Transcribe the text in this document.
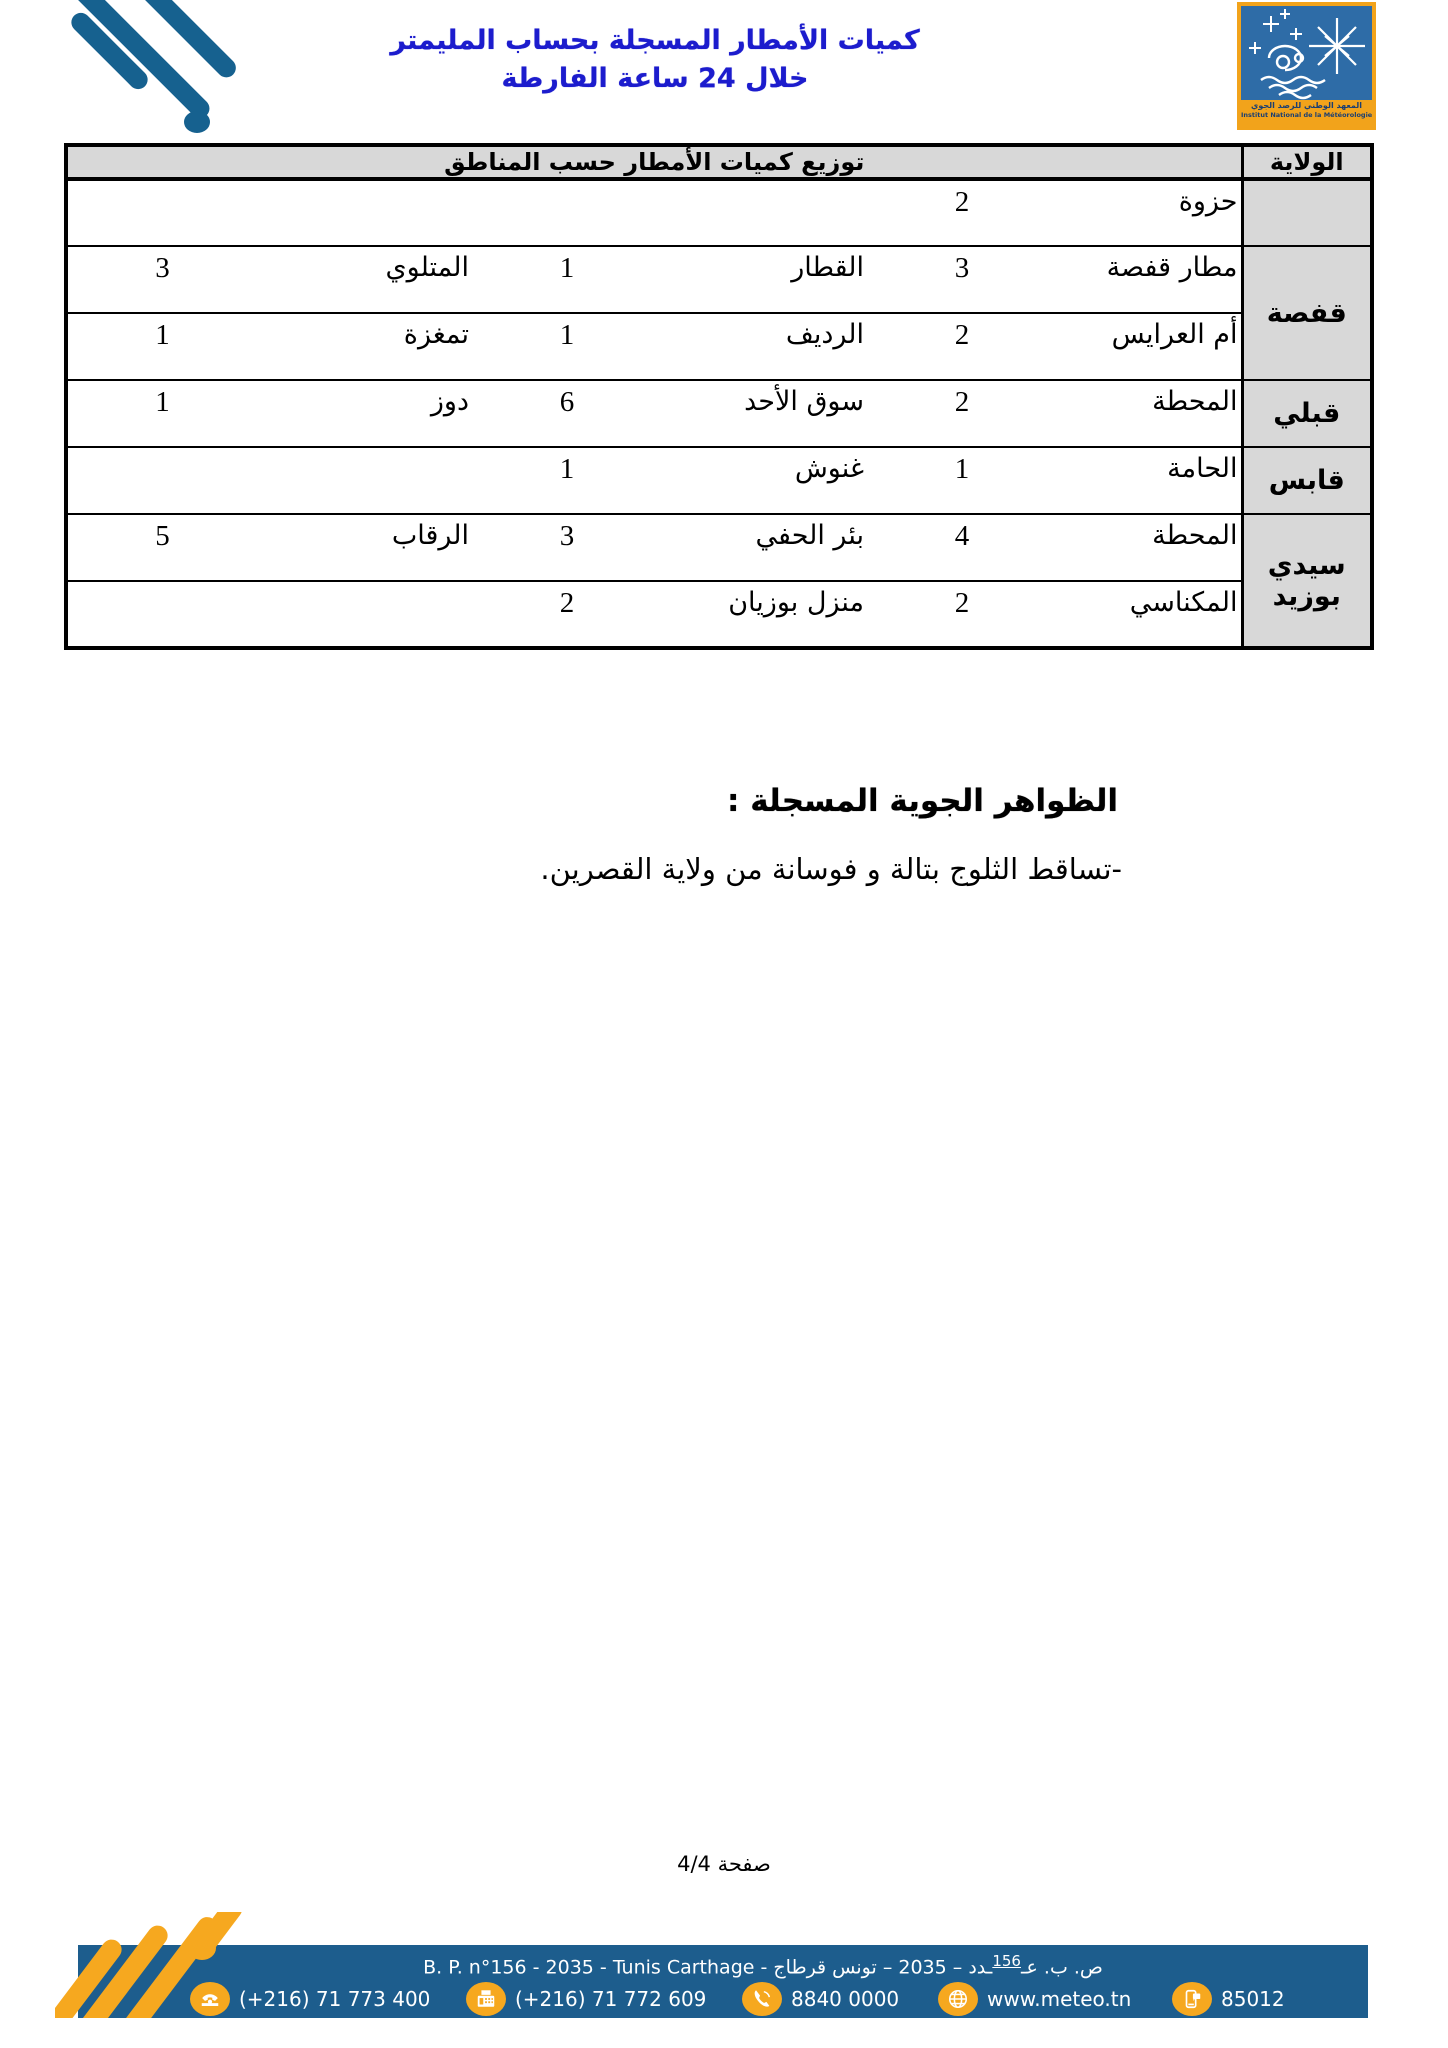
كميات الأمطار المسجلة بحساب المليمتر
خلال 24 ساعة الفارطة
المعهد الوطني للرصد الجوي
Institut National de la Météorologie
الولاية	توزيع كميات الأمطار حسب المناطق					
	حزوة	2				
قفصة	مطار قفصة	3	القطار	1	المتلوي	3
	أم العرايس	2	الرديف	1	تمغزة	1
قبلي	المحطة	2	سوق الأحد	6	دوز	1
قابس	الحامة	1	غنوش	1		
سيدي بوزيد	المحطة	4	بئر الحفي	3	الرقاب	5
	المكناسي	2	منزل بوزيان	2		
الظواهر الجوية المسجلة :
-تساقط الثلوج بتالة و فوسانة من ولاية القصرين.
صفحة 4/4
ص. ب. عـ$^{156}$ـدد – 2035 – تونس قرطاج - B. P. n°156 - 2035 - Tunis Carthage
(+216) 71 773 400	(+216) 71 772 609	8840 0000	www.meteo.tn	85012
